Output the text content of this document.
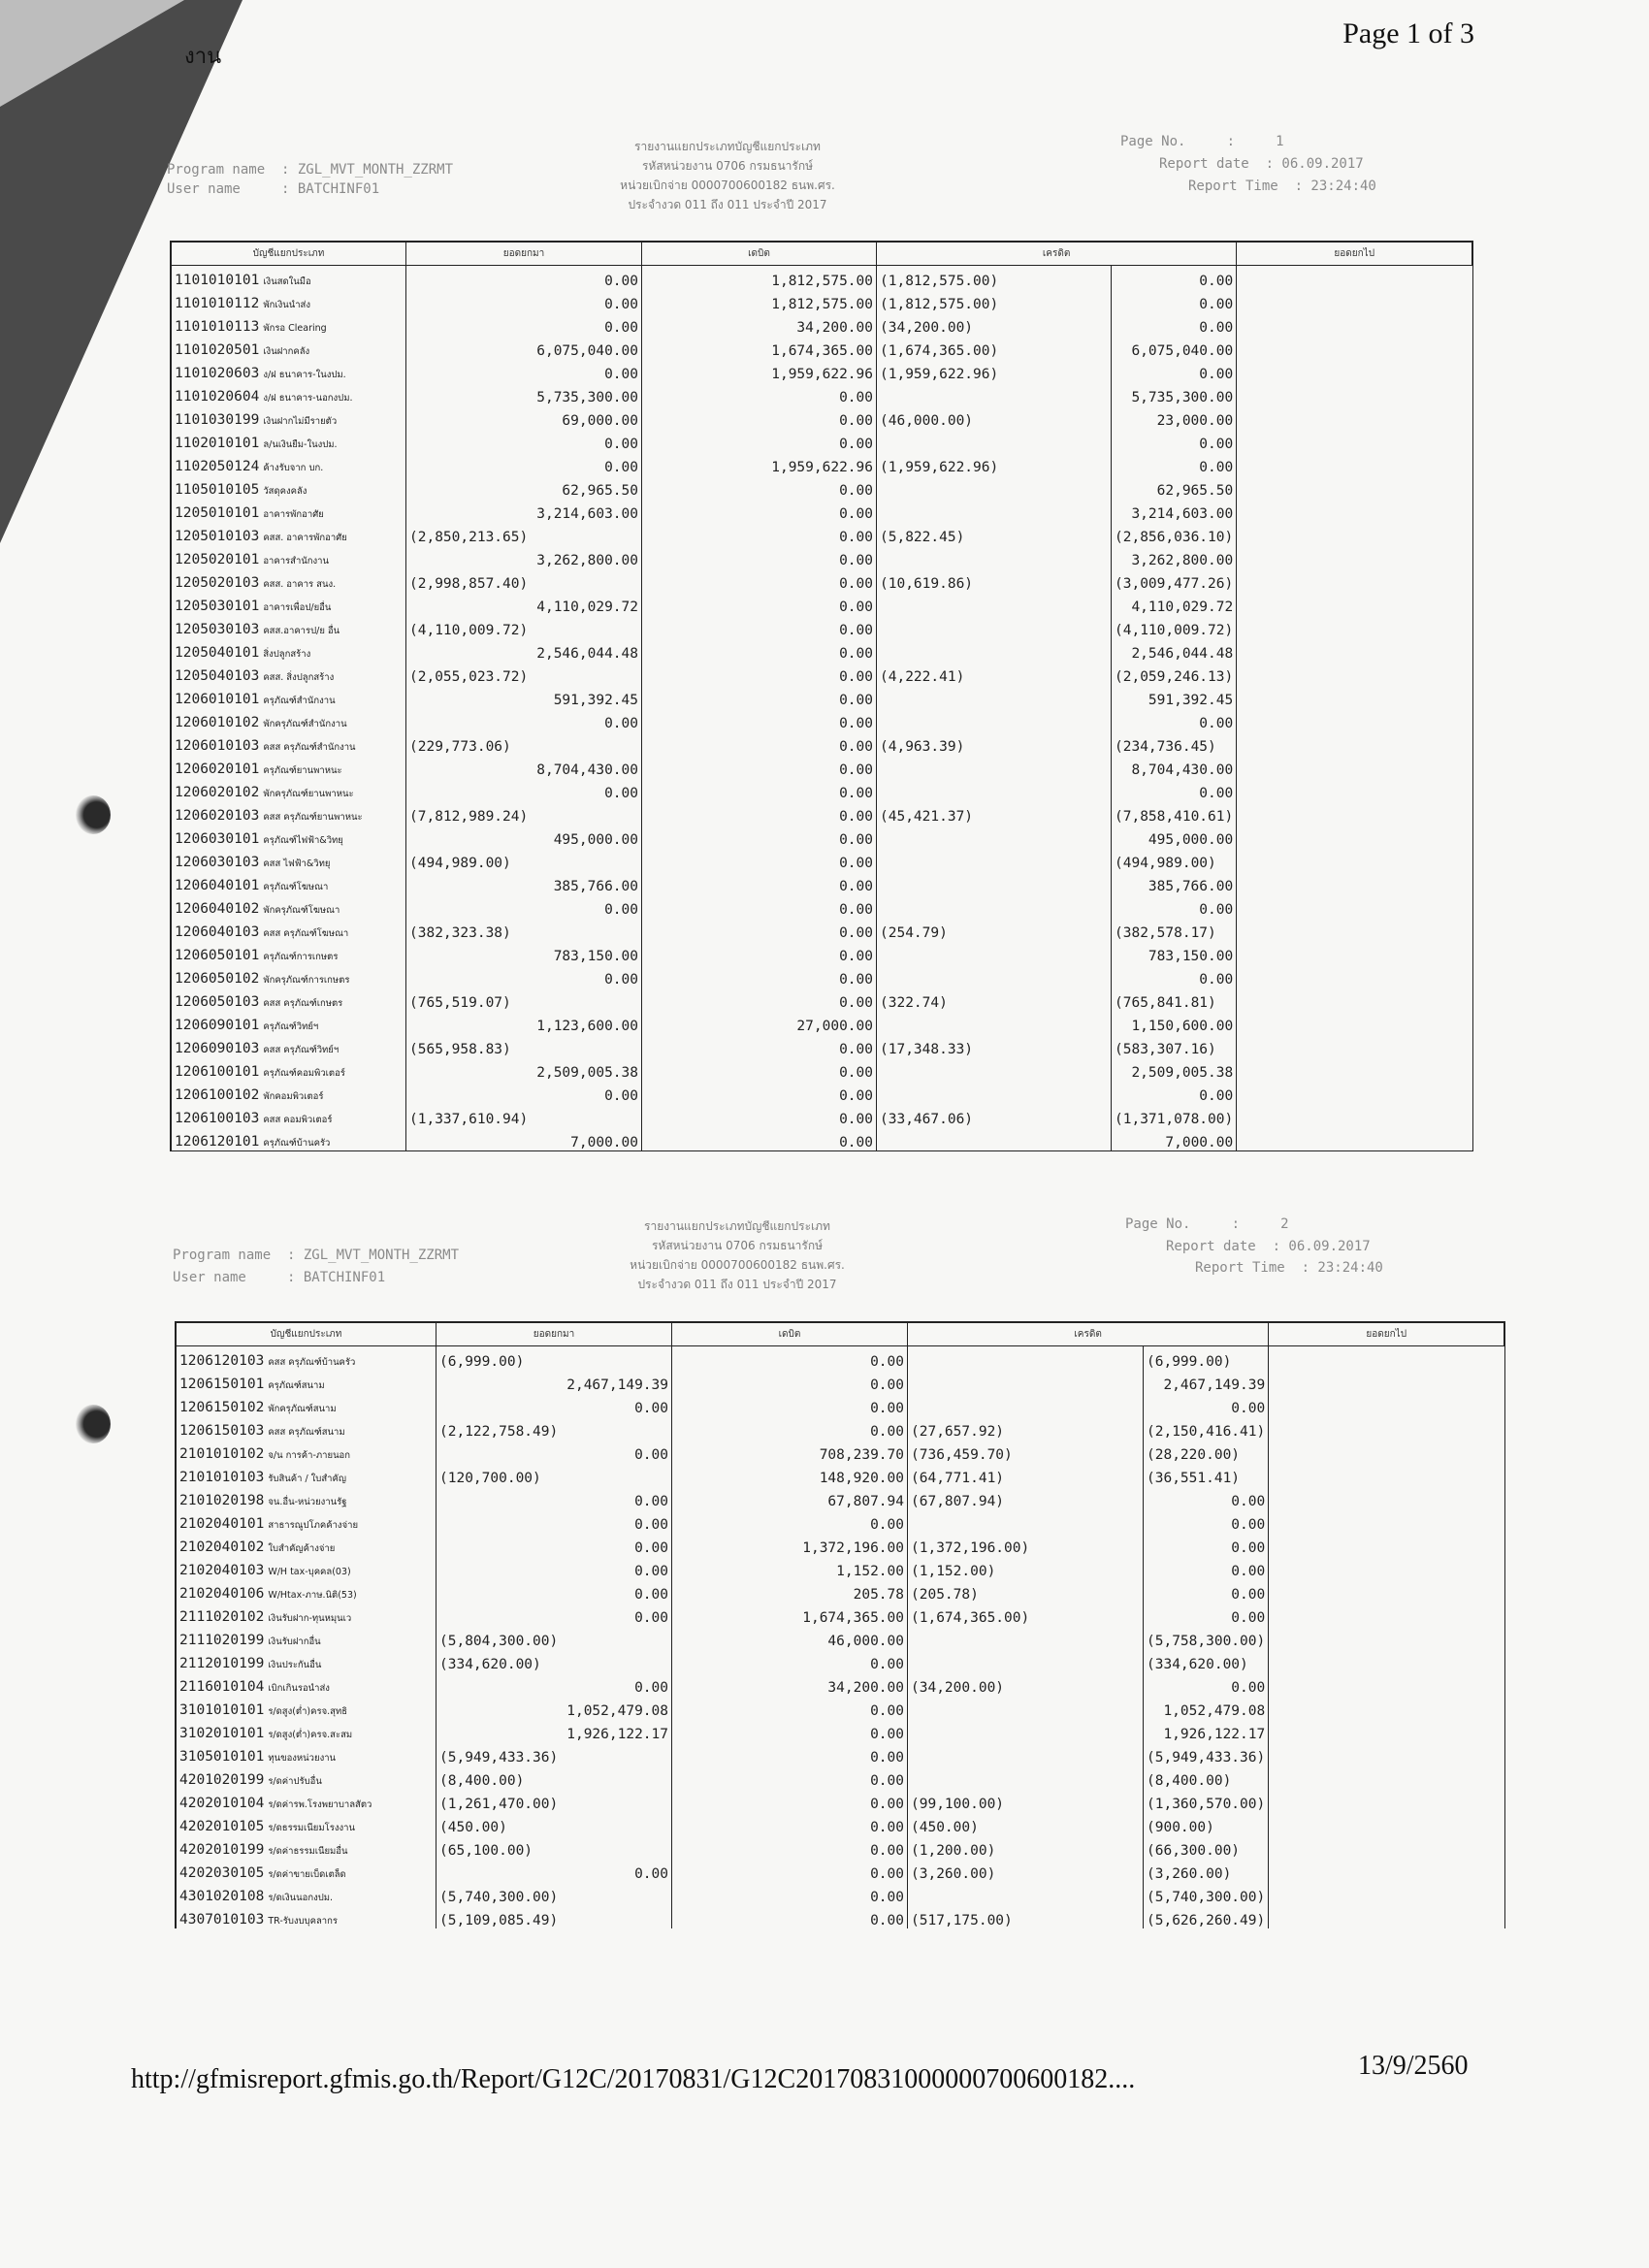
งาน
Page 1 of 3
Program name  : ZGL_MVT_MONTH_ZZRMT
User name     : BATCHINF01
รายงานแยกประเภทบัญชีแยกประเภท
รหัสหน่วยงาน 0706 กรมธนารักษ์
หน่วยเบิกจ่าย 0000700600182 ธนพ.ศร.
ประจำงวด 011 ถึง 011 ประจำปี 2017
Page No.     :     1
Report date  : 06.09.2017
Report Time  : 23:24:40
บัญชีแยกประเภท	ยอดยกมา	เดบิต	เครดิต		ยอดยกไป
1101010101 เงินสดในมือ	0.00	1,812,575.00	(1,812,575.00)	0.00	
1101010112 พักเงินนำส่ง	0.00	1,812,575.00	(1,812,575.00)	0.00	
1101010113 พักรอ Clearing	0.00	34,200.00	(34,200.00)	0.00	
1101020501 เงินฝากคลัง	6,075,040.00	1,674,365.00	(1,674,365.00)	6,075,040.00	
1101020603 ง/ฝ ธนาคาร-ในงปม.	0.00	1,959,622.96	(1,959,622.96)	0.00	
1101020604 ง/ฝ ธนาคาร-นอกงปม.	5,735,300.00	0.00		5,735,300.00	
1101030199 เงินฝากไม่มีรายตัว	69,000.00	0.00	(46,000.00)	23,000.00	
1102010101 ล/นเงินยืม-ในงปม.	0.00	0.00		0.00	
1102050124 ค้างรับจาก บก.	0.00	1,959,622.96	(1,959,622.96)	0.00	
1105010105 วัสดุคงคลัง	62,965.50	0.00		62,965.50	
1205010101 อาคารพักอาศัย	3,214,603.00	0.00		3,214,603.00	
1205010103 คสส. อาคารพักอาศัย	(2,850,213.65)	0.00	(5,822.45)	(2,856,036.10)	
1205020101 อาคารสำนักงาน	3,262,800.00	0.00		3,262,800.00	
1205020103 คสส. อาคาร สนง.	(2,998,857.40)	0.00	(10,619.86)	(3,009,477.26)	
1205030101 อาคารเพื่อป/ยอื่น	4,110,029.72	0.00		4,110,029.72	
1205030103 คสส.อาคารป/ย อื่น	(4,110,009.72)	0.00		(4,110,009.72)	
1205040101 สิ่งปลูกสร้าง	2,546,044.48	0.00		2,546,044.48	
1205040103 คสส. สิ่งปลูกสร้าง	(2,055,023.72)	0.00	(4,222.41)	(2,059,246.13)	
1206010101 ครุภัณฑ์สำนักงาน	591,392.45	0.00		591,392.45	
1206010102 พักครุภัณฑ์สำนักงาน	0.00	0.00		0.00	
1206010103 คสส ครุภัณฑ์สำนักงาน	(229,773.06)	0.00	(4,963.39)	(234,736.45)	
1206020101 ครุภัณฑ์ยานพาหนะ	8,704,430.00	0.00		8,704,430.00	
1206020102 พักครุภัณฑ์ยานพาหนะ	0.00	0.00		0.00	
1206020103 คสส ครุภัณฑ์ยานพาหนะ	(7,812,989.24)	0.00	(45,421.37)	(7,858,410.61)	
1206030101 ครุภัณฑ์ไฟฟ้า&วิทยุ	495,000.00	0.00		495,000.00	
1206030103 คสส ไฟฟ้า&วิทยุ	(494,989.00)	0.00		(494,989.00)	
1206040101 ครุภัณฑ์โฆษณา	385,766.00	0.00		385,766.00	
1206040102 พักครุภัณฑ์โฆษณา	0.00	0.00		0.00	
1206040103 คสส ครุภัณฑ์โฆษณา	(382,323.38)	0.00	(254.79)	(382,578.17)	
1206050101 ครุภัณฑ์การเกษตร	783,150.00	0.00		783,150.00	
1206050102 พักครุภัณฑ์การเกษตร	0.00	0.00		0.00	
1206050103 คสส ครุภัณฑ์เกษตร	(765,519.07)	0.00	(322.74)	(765,841.81)	
1206090101 ครุภัณฑ์วิทย์ฯ	1,123,600.00	27,000.00		1,150,600.00	
1206090103 คสส ครุภัณฑ์วิทย์ฯ	(565,958.83)	0.00	(17,348.33)	(583,307.16)	
1206100101 ครุภัณฑ์คอมพิวเตอร์	2,509,005.38	0.00		2,509,005.38	
1206100102 พักคอมพิวเตอร์	0.00	0.00		0.00	
1206100103 คสส คอมพิวเตอร์	(1,337,610.94)	0.00	(33,467.06)	(1,371,078.00)	
1206120101 ครุภัณฑ์บ้านครัว	7,000.00	0.00		7,000.00	
Program name  : ZGL_MVT_MONTH_ZZRMT
User name     : BATCHINF01
รายงานแยกประเภทบัญชีแยกประเภท
รหัสหน่วยงาน 0706 กรมธนารักษ์
หน่วยเบิกจ่าย 0000700600182 ธนพ.ศร.
ประจำงวด 011 ถึง 011 ประจำปี 2017
Page No.     :     2
Report date  : 06.09.2017
Report Time  : 23:24:40
บัญชีแยกประเภท	ยอดยกมา	เดบิต	เครดิต		ยอดยกไป
1206120103 คสส ครุภัณฑ์บ้านครัว	(6,999.00)	0.00		(6,999.00)	
1206150101 ครุภัณฑ์สนาม	2,467,149.39	0.00		2,467,149.39	
1206150102 พักครุภัณฑ์สนาม	0.00	0.00		0.00	
1206150103 คสส ครุภัณฑ์สนาม	(2,122,758.49)	0.00	(27,657.92)	(2,150,416.41)	
2101010102 จ/น การค้า-ภายนอก	0.00	708,239.70	(736,459.70)	(28,220.00)	
2101010103 รับสินค้า / ใบสำคัญ	(120,700.00)	148,920.00	(64,771.41)	(36,551.41)	
2101020198 จน.อื่น-หน่วยงานรัฐ	0.00	67,807.94	(67,807.94)	0.00	
2102040101 สาธารณูปโภคค้างจ่าย	0.00	0.00		0.00	
2102040102 ใบสำคัญค้างจ่าย	0.00	1,372,196.00	(1,372,196.00)	0.00	
2102040103 W/H tax-บุคคล(03)	0.00	1,152.00	(1,152.00)	0.00	
2102040106 W/Htax-ภาษ.นิติ(53)	0.00	205.78	(205.78)	0.00	
2111020102 เงินรับฝาก-ทุนหมุนเว	0.00	1,674,365.00	(1,674,365.00)	0.00	
2111020199 เงินรับฝากอื่น	(5,804,300.00)	46,000.00		(5,758,300.00)	
2112010199 เงินประกันอื่น	(334,620.00)	0.00		(334,620.00)	
2116010104 เบิกเกินรอนำส่ง	0.00	34,200.00	(34,200.00)	0.00	
3101010101 ร/ดสูง(ต่ำ)ครจ.สุทธิ	1,052,479.08	0.00		1,052,479.08	
3102010101 ร/ดสูง(ต่ำ)ครจ.สะสม	1,926,122.17	0.00		1,926,122.17	
3105010101 ทุนของหน่วยงาน	(5,949,433.36)	0.00		(5,949,433.36)	
4201020199 ร/ดค่าปรับอื่น	(8,400.00)	0.00		(8,400.00)	
4202010104 ร/ดค่ารพ.โรงพยาบาลสัตว	(1,261,470.00)	0.00	(99,100.00)	(1,360,570.00)	
4202010105 ร/ดธรรมเนียมโรงงาน	(450.00)	0.00	(450.00)	(900.00)	
4202010199 ร/ดค่าธรรมเนียมอื่น	(65,100.00)	0.00	(1,200.00)	(66,300.00)	
4202030105 ร/ดค่าขายเบ็ดเตล็ด	0.00	0.00	(3,260.00)	(3,260.00)	
4301020108 ร/ดเงินนอกงปม.	(5,740,300.00)	0.00		(5,740,300.00)	
4307010103 TR-รับงบบุคลากร	(5,109,085.49)	0.00	(517,175.00)	(5,626,260.49)	
http://gfmisreport.gfmis.go.th/Report/G12C/20170831/G12C20170831000000700600182....	13/9/2560
